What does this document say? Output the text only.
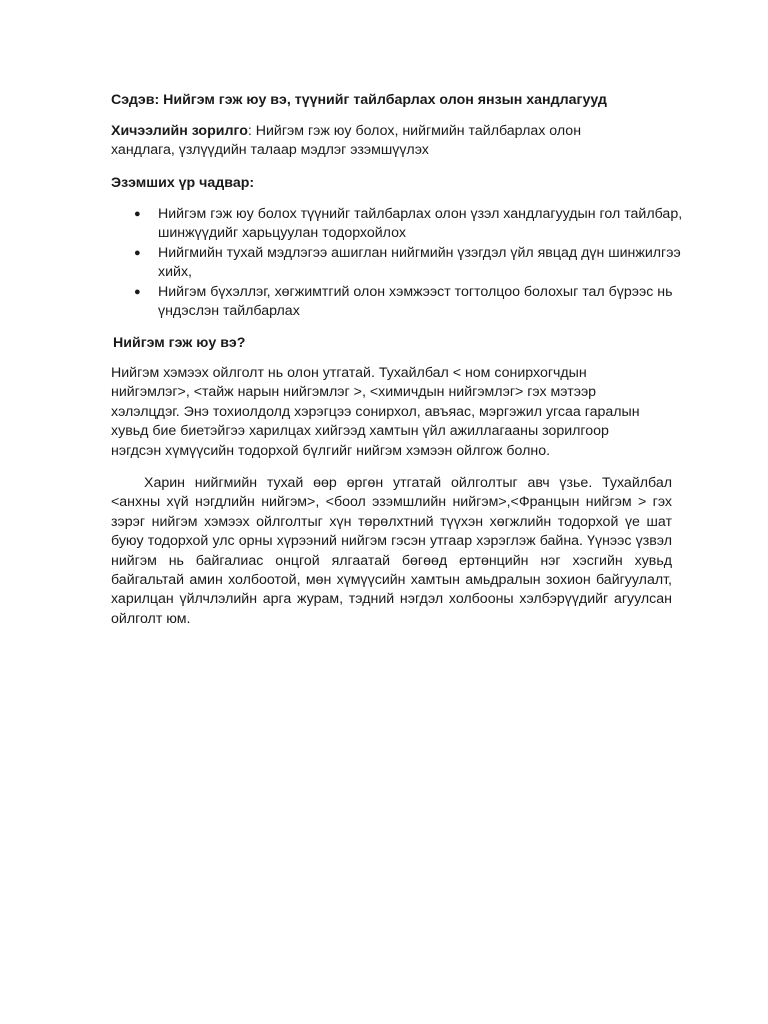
Сэдэв: Нийгэм гэж юу вэ, түүнийг тайлбарлах олон янзын хандлагууд

Хичээлийн зорилго: Нийгэм гэж юу болох, нийгмийн тайлбарлах олон хандлага, үзлүүдийн талаар мэдлэг эзэмшүүлэх

Эзэмших үр чадвар:

● Нийгэм гэж юу болох түүнийг тайлбарлах олон үзэл хандлагуудын гол тайлбар, шинжүүдийг харьцуулан тодорхойлох
● Нийгмийн тухай мэдлэгээ ашиглан нийгмийн үзэгдэл үйл явцад дүн шинжилгээ хийх,
● Нийгэм бүхэллэг, хөгжимтгий олон хэмжээст тогтолцоо болохыг тал бүрээс нь үндэслэн тайлбарлах

Нийгэм гэж юу вэ?

Нийгэм хэмээх ойлголт нь олон утгатай. Тухайлбал < ном сонирхогчдын нийгэмлэг>, <тайж нарын нийгэмлэг >, <химичдын нийгэмлэг> гэх мэтээр хэлэлцдэг. Энэ тохиолдолд хэрэгцээ сонирхол, авъяас, мэргэжил угсаа гаралын хувьд бие биетэйгээ харилцах хийгээд хамтын үйл ажиллагааны зорилгоор нэгдсэн хүмүүсийн тодорхой бүлгийг нийгэм хэмээн ойлгож болно.

Харин нийгмийн тухай өөр өргөн утгатай ойлголтыг авч үзье. Тухайлбал <анхны хүй нэгдлийн нийгэм>, <боол эзэмшлийн нийгэм>,<Францын нийгэм > гэх зэрэг нийгэм хэмээх ойлголтыг хүн төрөлхтний түүхэн хөгжлийн тодорхой үе шат буюу тодорхой улс орны хүрээний нийгэм гэсэн утгаар хэрэглэж байна. Үүнээс үзвэл нийгэм нь байгалиас онцгой ялгаатай бөгөөд ертөнцийн нэг хэсгийн хувьд байгальтай амин холбоотой, мөн хүмүүсийн хамтын амьдралын зохион байгуулалт, харилцан үйлчлэлийн арга журам, тэдний нэгдэл холбооны хэлбэрүүдийг агуулсан ойлголт юм.
